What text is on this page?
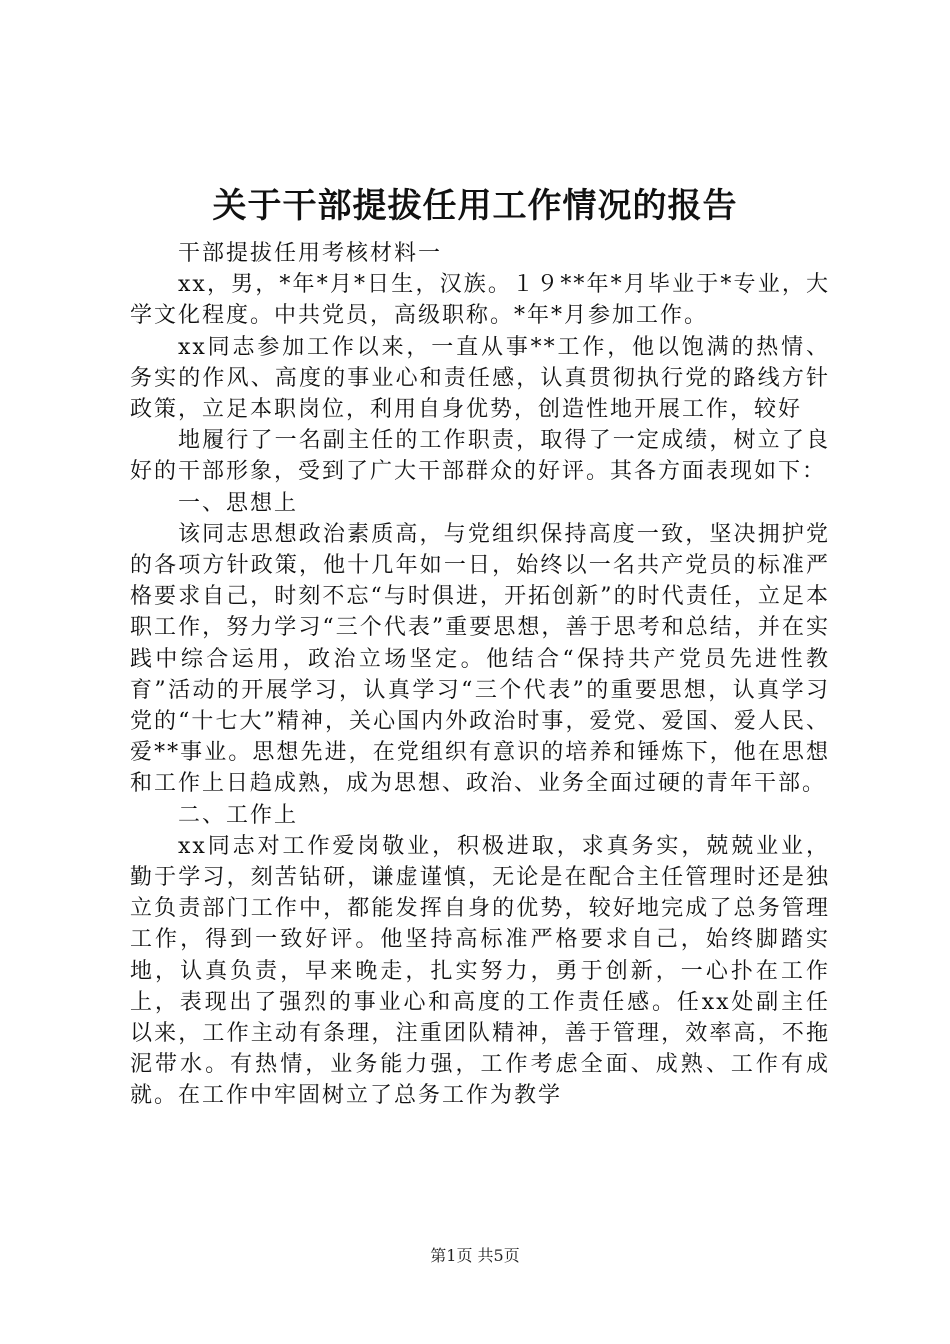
关于干部提拔任用工作情况的报告

干部提拔任用考核材料一

xx，男，*年*月*日生，汉族。１９**年*月毕业于*专业，大学文化程度。中共党员，高级职称。*年*月参加工作。

xx同志参加工作以来，一直从事**工作，他以饱满的热情、务实的作风、高度的事业心和责任感，认真贯彻执行党的路线方针政策，立足本职岗位，利用自身优势，创造性地开展工作，较好

地履行了一名副主任的工作职责，取得了一定成绩，树立了良好的干部形象，受到了广大干部群众的好评。其各方面表现如下：

一、思想上

该同志思想政治素质高，与党组织保持高度一致，坚决拥护党的各项方针政策，他十几年如一日，始终以一名共产党员的标准严格要求自己，时刻不忘“与时俱进，开拓创新”的时代责任，立足本职工作，努力学习“三个代表”重要思想，善于思考和总结，并在实践中综合运用，政治立场坚定。他结合“保持共产党员先进性教育”活动的开展学习，认真学习“三个代表”的重要思想，认真学习党的“十七大”精神，关心国内外政治时事，爱党、爱国、爱人民、爱**事业。思想先进，在党组织有意识的培养和锤炼下，他在思想和工作上日趋成熟，成为思想、政治、业务全面过硬的青年干部。

二、工作上

xx同志对工作爱岗敬业，积极进取，求真务实，兢兢业业，勤于学习，刻苦钻研，谦虚谨慎，无论是在配合主任管理时还是独立负责部门工作中，都能发挥自身的优势，较好地完成了总务管理工作，得到一致好评。他坚持高标准严格要求自己，始终脚踏实地，认真负责，早来晚走，扎实努力，勇于创新，一心扑在工作上，表现出了强烈的事业心和高度的工作责任感。任xx处副主任以来，工作主动有条理，注重团队精神，善于管理，效率高，不拖泥带水。有热情，业务能力强，工作考虑全面、成熟、工作有成就。在工作中牢固树立了总务工作为教学

第1页 共5页
